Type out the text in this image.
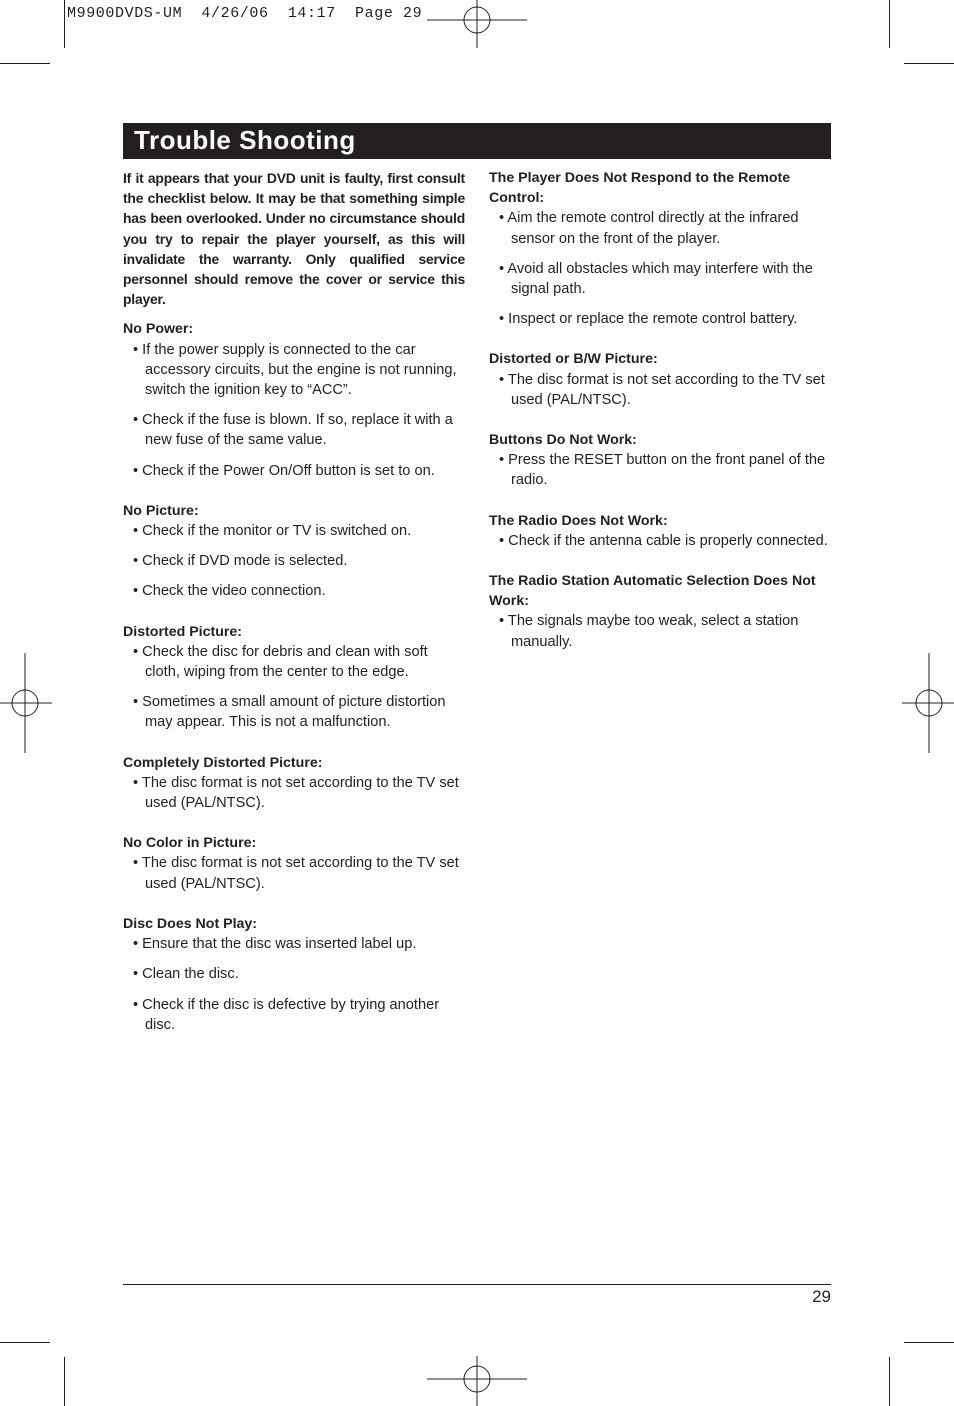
M9900DVDS-UM  4/26/06  14:17  Page 29
Trouble Shooting

If it appears that your DVD unit is faulty, first consult the checklist below. It may be that something simple has been overlooked. Under no circumstance should you try to repair the player yourself, as this will invalidate the warranty. Only qualified service personnel should remove the cover or service this player.

No Power:

• If the power supply is connected to the car accessory circuits, but the engine is not running, switch the ignition key to “ACC”.

• Check if the fuse is blown. If so, replace it with a new fuse of the same value.

• Check if the Power On/Off button is set to on.

No Picture:

• Check if the monitor or TV is switched on.

• Check if DVD mode is selected.

• Check the video connection.

Distorted Picture:

• Check the disc for debris and clean with soft cloth, wiping from the center to the edge.

• Sometimes a small amount of picture distortion may appear. This is not a malfunction.

Completely Distorted Picture:

• The disc format is not set according to the TV set used (PAL/NTSC).

No Color in Picture:

• The disc format is not set according to the TV set used (PAL/NTSC).

Disc Does Not Play:

• Ensure that the disc was inserted label up.

• Clean the disc.

• Check if the disc is defective by trying another disc.

The Player Does Not Respond to the Remote Control:

• Aim the remote control directly at the infrared sensor on the front of the player.

• Avoid all obstacles which may interfere with the signal path.

• Inspect or replace the remote control battery.

Distorted or B/W Picture:

• The disc format is not set according to the TV set used (PAL/NTSC).

Buttons Do Not Work:

• Press the RESET button on the front panel of the radio.

The Radio Does Not Work:

• Check if the antenna cable is properly connected.

The Radio Station Automatic Selection Does Not Work:

• The signals maybe too weak, select a station manually.

29
